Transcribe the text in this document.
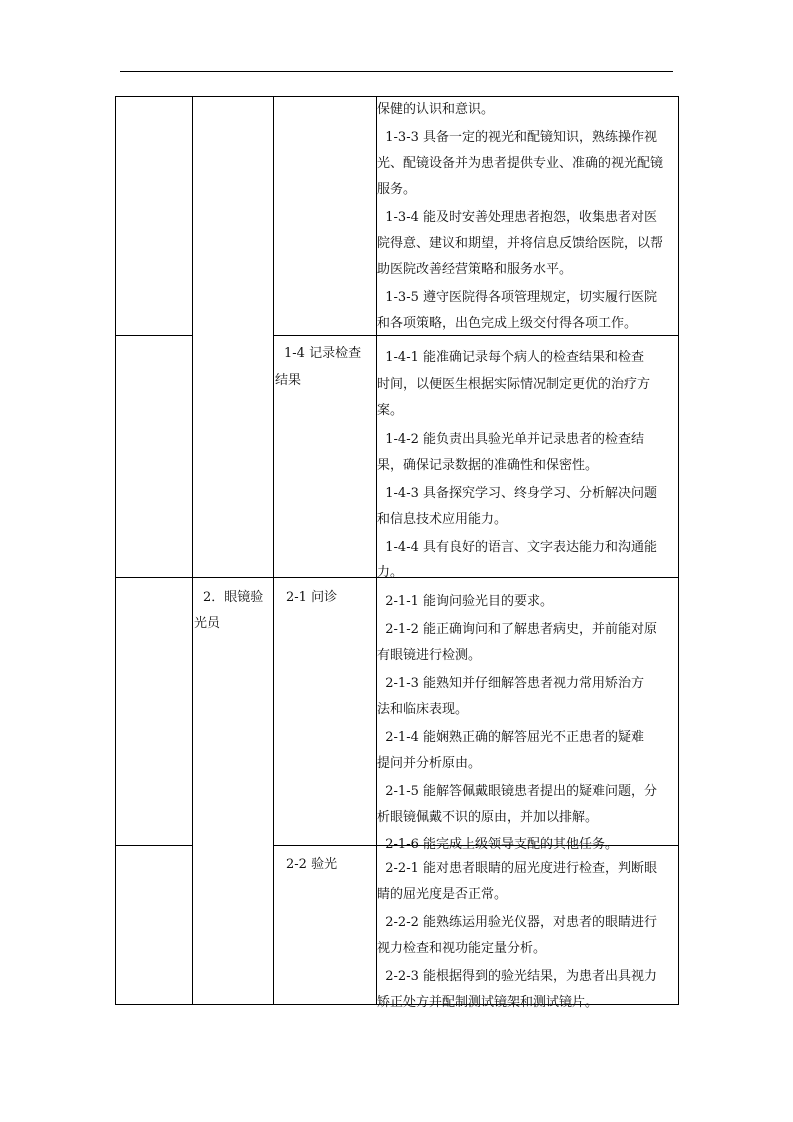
保健的认识和意识。
1-3-3 具备一定的视光和配镜知识，熟练操作视
光、配镜设备并为患者提供专业、准确的视光配镜
服务。
1-3-4 能及时安善处理患者抱怨，收集患者对医
院得意、建议和期望，并将信息反馈给医院，以帮
助医院改善经营策略和服务水平。
1-3-5 遵守医院得各项管理规定，切实履行医院
和各项策略，出色完成上级交付得各项工作。
1-4 记录检查
结果
1-4-1 能准确记录每个病人的检查结果和检查
时间，以便医生根据实际情况制定更优的治疗方
案。
1-4-2 能负责出具验光单并记录患者的检查结
果，确保记录数据的准确性和保密性。
1-4-3 具备探究学习、终身学习、分析解决问题
和信息技术应用能力。
1-4-4 具有良好的语言、文字表达能力和沟通能
力。
2．眼镜验
光员
2-1 问诊	2-1-1 能询问验光目的要求。
2-1-2 能正确询问和了解患者病史，并前能对原
有眼镜进行检测。
2-1-3 能熟知并仔细解答患者视力常用矫治方
法和临床表现。
2-1-4 能娴熟正确的解答屈光不正患者的疑难
提问并分析原由。
2-1-5 能解答佩戴眼镜患者提出的疑难问题，分
析眼镜佩戴不识的原由，并加以排解。
2-1-6 能完成上级领导支配的其他任务。
2-2 验光	2-2-1 能对患者眼睛的屈光度进行检查，判断眼
睛的屈光度是否正常。
2-2-2 能熟练运用验光仪器，对患者的眼睛进行
视力检查和视功能定量分析。
2-2-3 能根据得到的验光结果，为患者出具视力
矫正处方并配制测试镜架和测试镜片。
